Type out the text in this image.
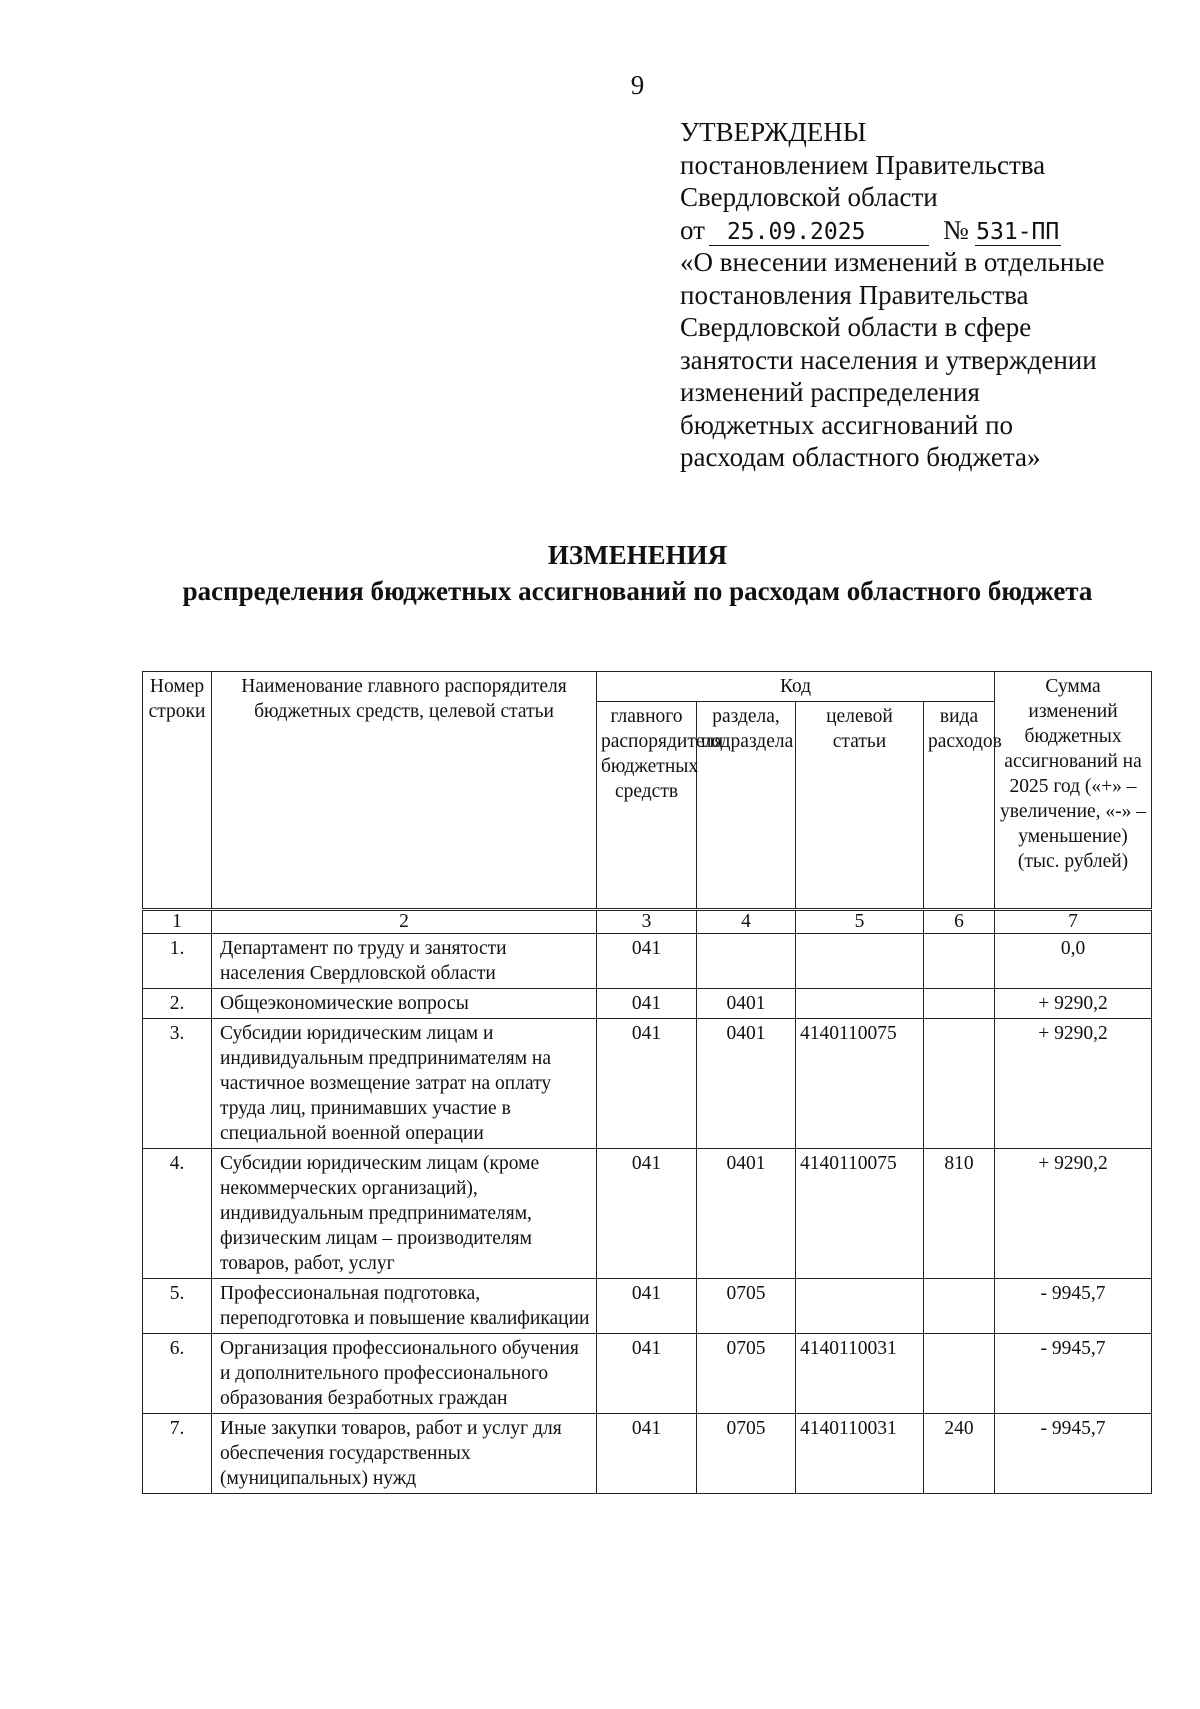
9
УТВЕРЖДЕНЫ
постановлением Правительства
Свердловской области
от 25.09.2025	№ 531-ПП
«О внесении изменений в отдельные
постановления Правительства
Свердловской области в сфере
занятости населения и утверждении
изменений распределения
бюджетных ассигнований по
расходам областного бюджета»
ИЗМЕНЕНИЯ
распределения бюджетных ассигнований по расходам областного бюджета
Номер строки	Наименование главного распорядителя бюджетных средств, целевой статьи	Код				Сумма изменений бюджетных ассигнований на 2025 год («+» – увеличение, «-» – уменьшение) (тыс. рублей)
		главного распорядителя бюджетных средств	раздела, подраздела	целевой статьи	вида расходов	
1	2	3	4	5	6	7
1.	Департамент по труду и занятости населения Свердловской области	041				0,0
2.	Общеэкономические вопросы	041	0401			+ 9290,2
3.	Субсидии юридическим лицам и индивидуальным предпринимателям на частичное возмещение затрат на оплату труда лиц, принимавших участие в специальной военной операции	041	0401	4140110075		+ 9290,2
4.	Субсидии юридическим лицам (кроме некоммерческих организаций), индивидуальным предпринимателям, физическим лицам – производителям товаров, работ, услуг	041	0401	4140110075	810	+ 9290,2
5.	Профессиональная подготовка, переподготовка и повышение квалификации	041	0705			- 9945,7
6.	Организация профессионального обучения и дополнительного профессионального образования безработных граждан	041	0705	4140110031		- 9945,7
7.	Иные закупки товаров, работ и услуг для обеспечения государственных (муниципальных) нужд	041	0705	4140110031	240	- 9945,7
